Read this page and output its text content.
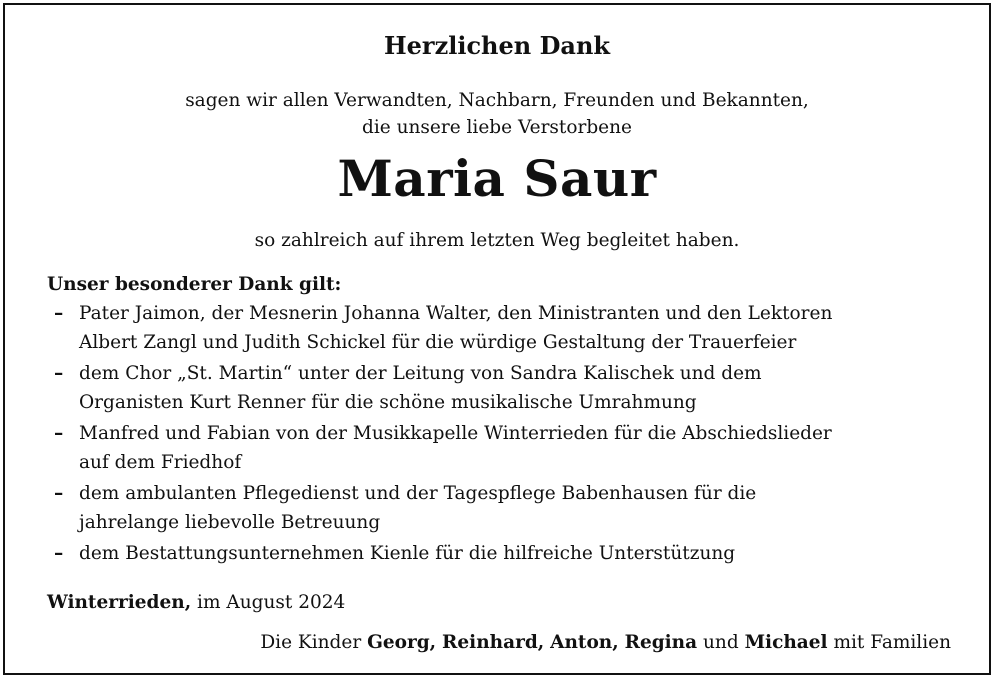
Herzlichen Dank
sagen wir allen Verwandten, Nachbarn, Freunden und Bekannten,
die unsere liebe Verstorbene
Maria Saur
so zahlreich auf ihrem letzten Weg begleitet haben.
Unser besonderer Dank gilt:
– Pater Jaimon, der Mesnerin Johanna Walter, den Ministranten und den Lektoren
Albert Zangl und Judith Schickel für die würdige Gestaltung der Trauerfeier
– dem Chor „St. Martin“ unter der Leitung von Sandra Kalischek und dem
Organisten Kurt Renner für die schöne musikalische Umrahmung
– Manfred und Fabian von der Musikkapelle Winterrieden für die Abschiedslieder
auf dem Friedhof
– dem ambulanten Pflegedienst und der Tagespflege Babenhausen für die
jahrelange liebevolle Betreuung
– dem Bestattungsunternehmen Kienle für die hilfreiche Unterstützung
Winterrieden, im August 2024
Die Kinder Georg, Reinhard, Anton, Regina und Michael mit Familien
